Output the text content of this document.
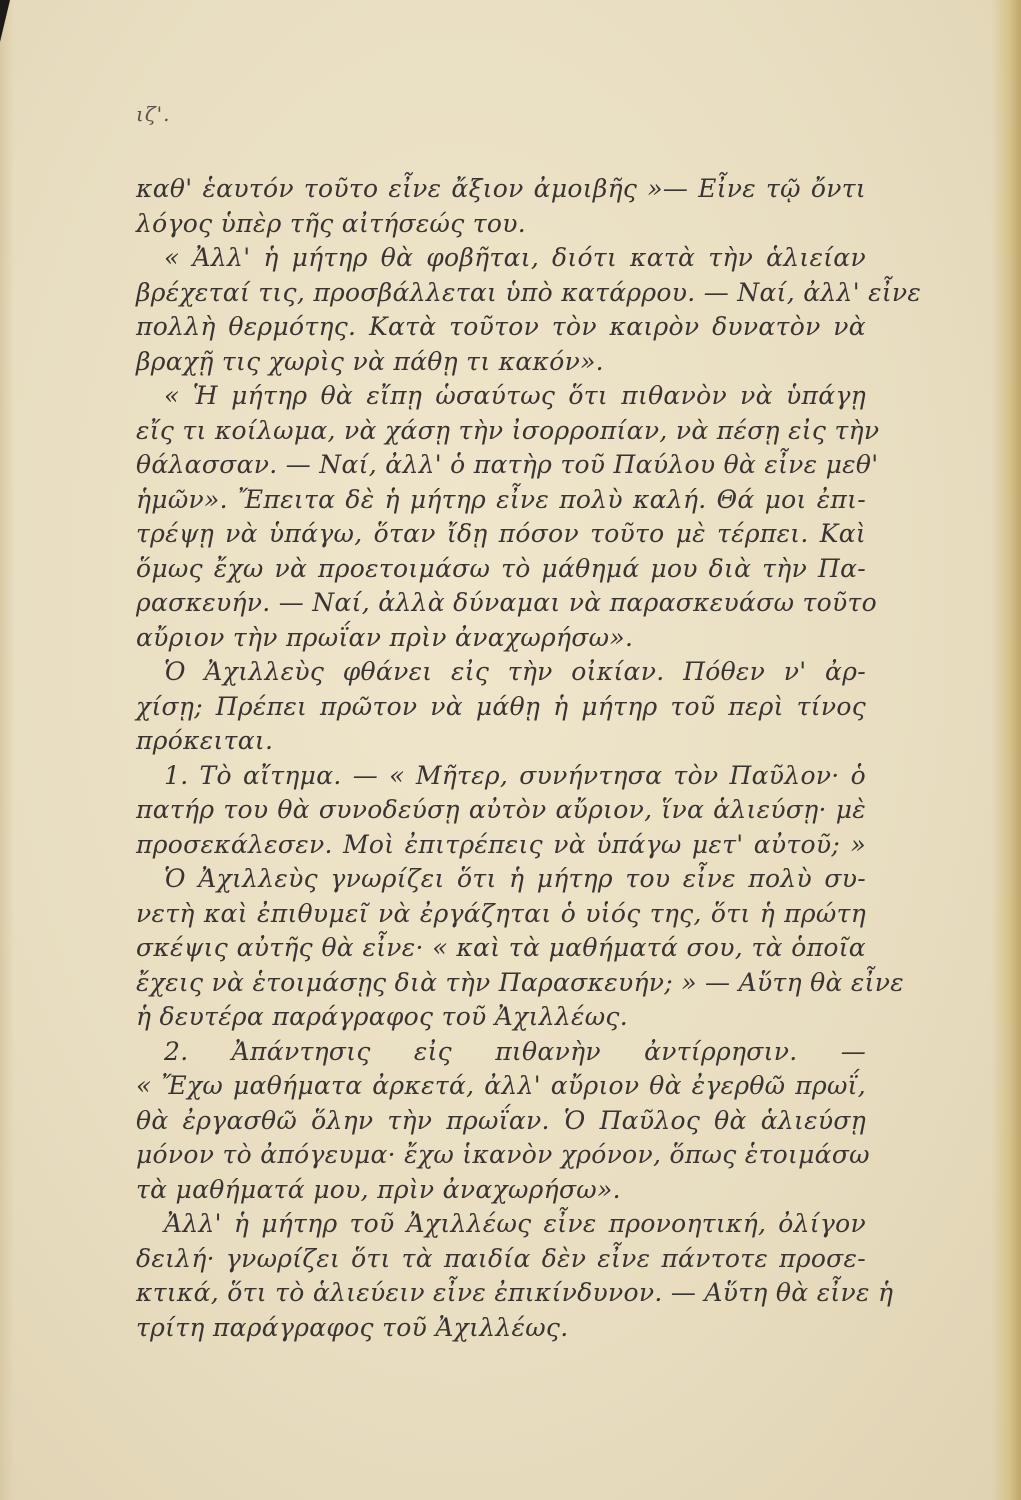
ιζ'.
καθ' ἑαυτόν τοῦτο εἶνε ἄξιον ἀμοιβῆς »— Εἶνε τῷ ὄντι
λόγος ὑπὲρ τῆς αἰτήσεώς του.
« Ἀλλ' ἡ μήτηρ θὰ φοβῆται, διότι κατὰ τὴν ἁλιείαν
βρέχεταί τις, προσβάλλεται ὑπὸ κατάρρου. — Ναί, ἀλλ' εἶνε
πολλὴ θερμότης. Κατὰ τοῦτον τὸν καιρὸν δυνατὸν νὰ
βραχῇ τις χωρὶς νὰ πάθῃ τι κακόν».
« Ἡ μήτηρ θὰ εἴπῃ ὡσαύτως ὅτι πιθανὸν νὰ ὑπάγῃ
εἴς τι κοίλωμα, νὰ χάσῃ τὴν ἰσορροπίαν, νὰ πέσῃ εἰς τὴν
θάλασσαν. — Ναί, ἀλλ' ὁ πατὴρ τοῦ Παύλου θὰ εἶνε μεθ'
ἡμῶν». Ἔπειτα δὲ ἡ μήτηρ εἶνε πολὺ καλή. Θά μοι ἐπι-
τρέψῃ νὰ ὑπάγω, ὅταν ἴδῃ πόσον τοῦτο μὲ τέρπει. Καὶ
ὅμως ἔχω νὰ προετοιμάσω τὸ μάθημά μου διὰ τὴν Πα-
ρασκευήν. — Ναί, ἀλλὰ δύναμαι νὰ παρασκευάσω τοῦτο
αὔριον τὴν πρωΐαν πρὶν ἀναχωρήσω».
Ὁ Ἀχιλλεὺς φθάνει εἰς τὴν οἰκίαν. Πόθεν ν' ἀρ-
χίσῃ; Πρέπει πρῶτον νὰ μάθῃ ἡ μήτηρ τοῦ περὶ τίνος
πρόκειται.
1. Τὸ αἴτημα. — « Μῆτερ, συνήντησα τὸν Παῦλον· ὁ
πατήρ του θὰ συνοδεύσῃ αὐτὸν αὔριον, ἵνα ἁλιεύσῃ· μὲ
προσεκάλεσεν. Μοὶ ἐπιτρέπεις νὰ ὑπάγω μετ' αὐτοῦ; »
Ὁ Ἀχιλλεὺς γνωρίζει ὅτι ἡ μήτηρ του εἶνε πολὺ συ-
νετὴ καὶ ἐπιθυμεῖ νὰ ἐργάζηται ὁ υἱός της, ὅτι ἡ πρώτη
σκέψις αὐτῆς θὰ εἶνε· « καὶ τὰ μαθήματά σου, τὰ ὁποῖα
ἔχεις νὰ ἑτοιμάσῃς διὰ τὴν Παρασκευήν; » — Αὕτη θὰ εἶνε
ἡ δευτέρα παράγραφος τοῦ Ἀχιλλέως.
2. Ἀπάντησις εἰς πιθανὴν ἀντίρρησιν. —
« Ἔχω μαθήματα ἀρκετά, ἀλλ' αὔριον θὰ ἐγερθῶ πρωΐ,
θὰ ἐργασθῶ ὅλην τὴν πρωΐαν. Ὁ Παῦλος θὰ ἁλιεύσῃ
μόνον τὸ ἀπόγευμα· ἔχω ἱκανὸν χρόνον, ὅπως ἑτοιμάσω
τὰ μαθήματά μου, πρὶν ἀναχωρήσω».
Ἀλλ' ἡ μήτηρ τοῦ Ἀχιλλέως εἶνε προνοητική, ὀλίγον
δειλή· γνωρίζει ὅτι τὰ παιδία δὲν εἶνε πάντοτε προσε-
κτικά, ὅτι τὸ ἁλιεύειν εἶνε ἐπικίνδυνον. — Αὕτη θὰ εἶνε ἡ
τρίτη παράγραφος τοῦ Ἀχιλλέως.
